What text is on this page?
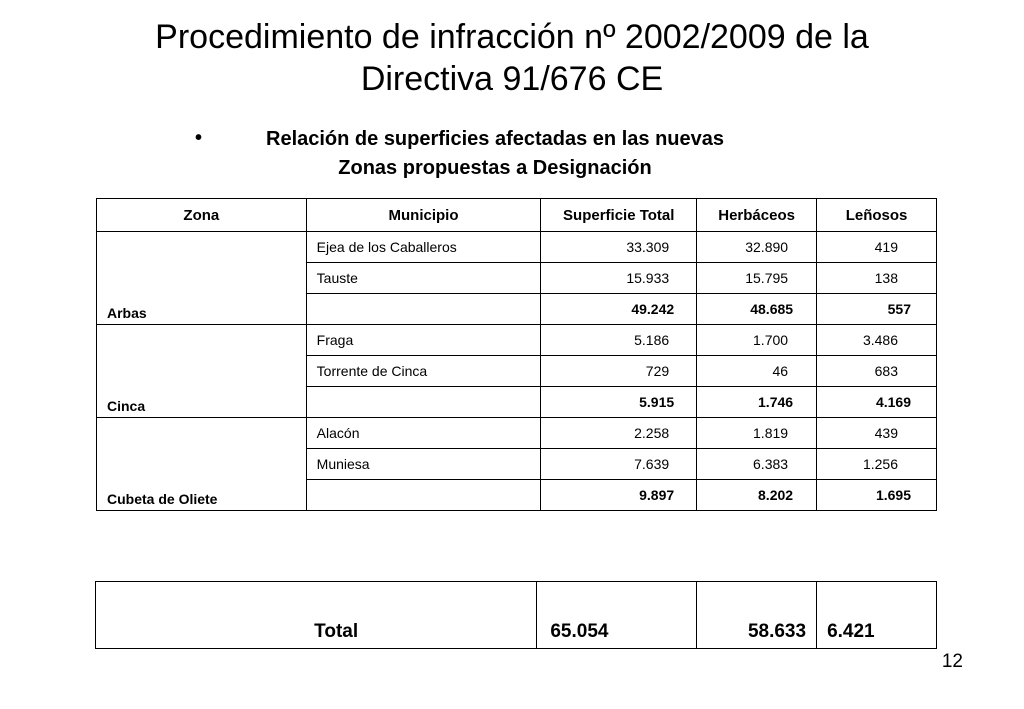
Procedimiento de infracción nº 2002/2009 de la
Directiva 91/676 CE
•	Relación de superficies afectadas en las nuevas
Zonas propuestas a Designación
Zona	Municipio	Superficie Total	Herbáceos	Leñosos
Arbas	Ejea de los Caballeros	33.309	32.890	419
	Tauste	15.933	15.795	138
		49.242	48.685	557
Cinca	Fraga	5.186	1.700	3.486
	Torrente de Cinca	729	46	683
		5.915	1.746	4.169
Cubeta de Oliete	Alacón	2.258	1.819	439
	Muniesa	7.639	6.383	1.256
		9.897	8.202	1.695
Total	65.054	58.633	6.421
12
